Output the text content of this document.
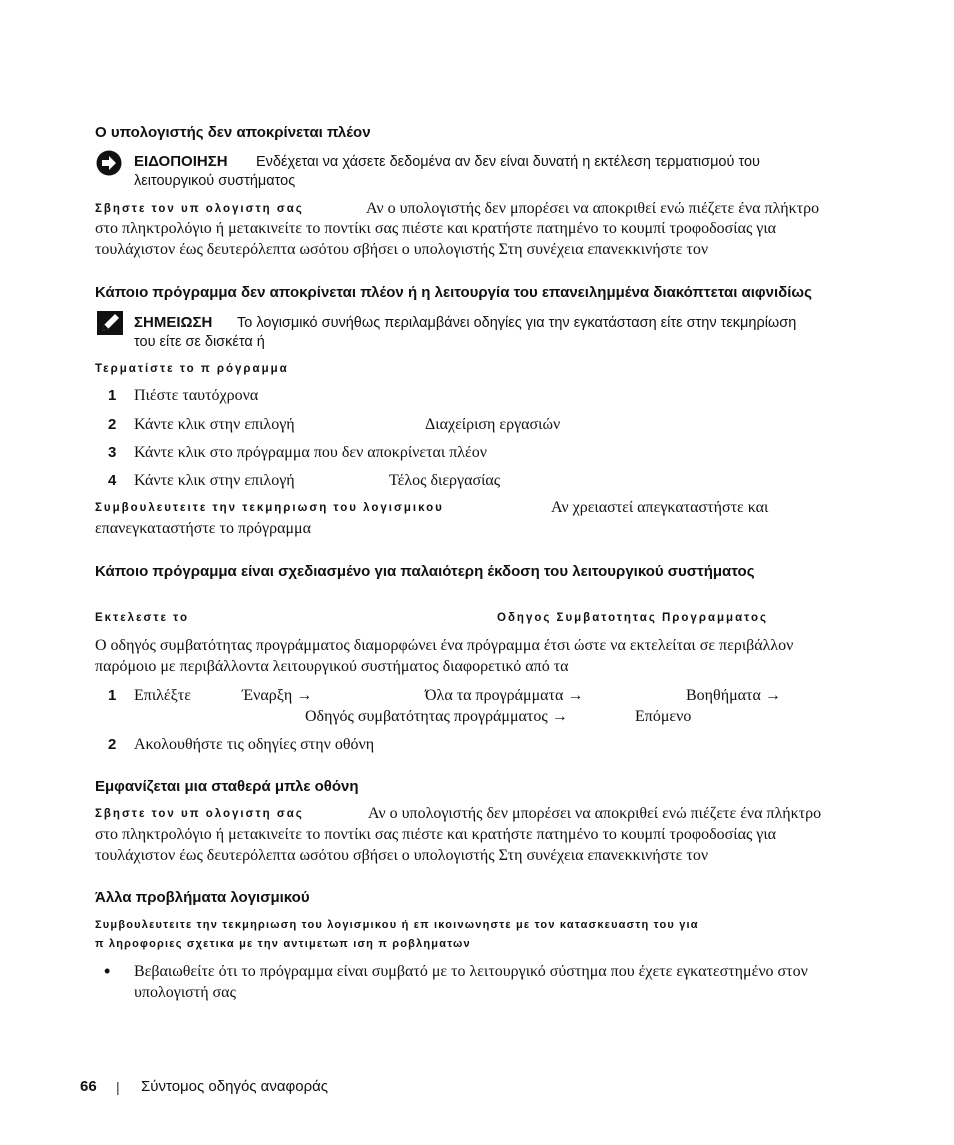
Ο υπολογιστής δεν αποκρίνεται πλέον
ΕΙΔΟΠΟΙΗΣΗ Ενδέχεται να χάσετε δεδομένα αν δεν είναι δυνατή η εκτέλεση τερματισμού του
λειτουργικού συστήματος
Σβηστε τον υπ ολογιστη σας	Αν ο υπολογιστής δεν μπορέσει να αποκριθεί ενώ πιέζετε ένα πλήκτρο
στο πληκτρολόγιο ή μετακινείτε το ποντίκι σας πιέστε και κρατήστε πατημένο το κουμπί τροφοδοσίας για
τουλάχιστον έως δευτερόλεπτα ωσότου σβήσει ο υπολογιστής Στη συνέχεια επανεκκινήστε τον
Κάποιο πρόγραμμα δεν αποκρίνεται πλέον ή η λειτουργία του επανειλημμένα διακόπτεται αιφνιδίως
ΣΗΜΕΙΩΣΗ Το λογισμικό συνήθως περιλαμβάνει οδηγίες για την εγκατάσταση είτε στην τεκμηρίωση
του είτε σε δισκέτα ή
Τερματίστε το π ρόγραμμα
1 Πιέστε ταυτόχρονα
2 Κάντε κλικ στην επιλογή	Διαχείριση εργασιών
3 Κάντε κλικ στο πρόγραμμα που δεν αποκρίνεται πλέον
4 Κάντε κλικ στην επιλογή	Τέλος διεργασίας
Συμβουλευτειτε την τεκμηριωση του λογισμικου	Αν χρειαστεί απεγκαταστήστε και
επανεγκαταστήστε το πρόγραμμα
Κάποιο πρόγραμμα είναι σχεδιασμένο για παλαιότερη έκδοση του λειτουργικού συστήματος
Εκτελεστε το	Οδηγος Συμβατοτητας Προγραμματος
Ο οδηγός συμβατότητας προγράμματος διαμορφώνει ένα πρόγραμμα έτσι ώστε να εκτελείται σε περιβάλλον
παρόμοιο με περιβάλλοντα λειτουργικού συστήματος διαφορετικό από τα
1 Επιλέξτε	Έναρξη →	Όλα τα προγράμματα →	Βοηθήματα →
Οδηγός συμβατότητας προγράμματος →	Επόμενο
2 Ακολουθήστε τις οδηγίες στην οθόνη
Εμφανίζεται μια σταθερά μπλε οθόνη
Σβηστε τον υπ ολογιστη σας	Αν ο υπολογιστής δεν μπορέσει να αποκριθεί ενώ πιέζετε ένα πλήκτρο
στο πληκτρολόγιο ή μετακινείτε το ποντίκι σας πιέστε και κρατήστε πατημένο το κουμπί τροφοδοσίας για
τουλάχιστον έως δευτερόλεπτα ωσότου σβήσει ο υπολογιστής Στη συνέχεια επανεκκινήστε τον
Άλλα προβλήματα λογισμικού
Συμβουλευτειτε την τεκμηριωση του λογισμικου ή επ ικοινωνηστε με τον κατασκευαστη του για
π ληροφοριες σχετικα με την αντιμετωπ ιση π ροβληματων
• Βεβαιωθείτε ότι το πρόγραμμα είναι συμβατό με το λειτουργικό σύστημα που έχετε εγκατεστημένο στον
υπολογιστή σας
66 | Σύντομος οδηγός αναφοράς
